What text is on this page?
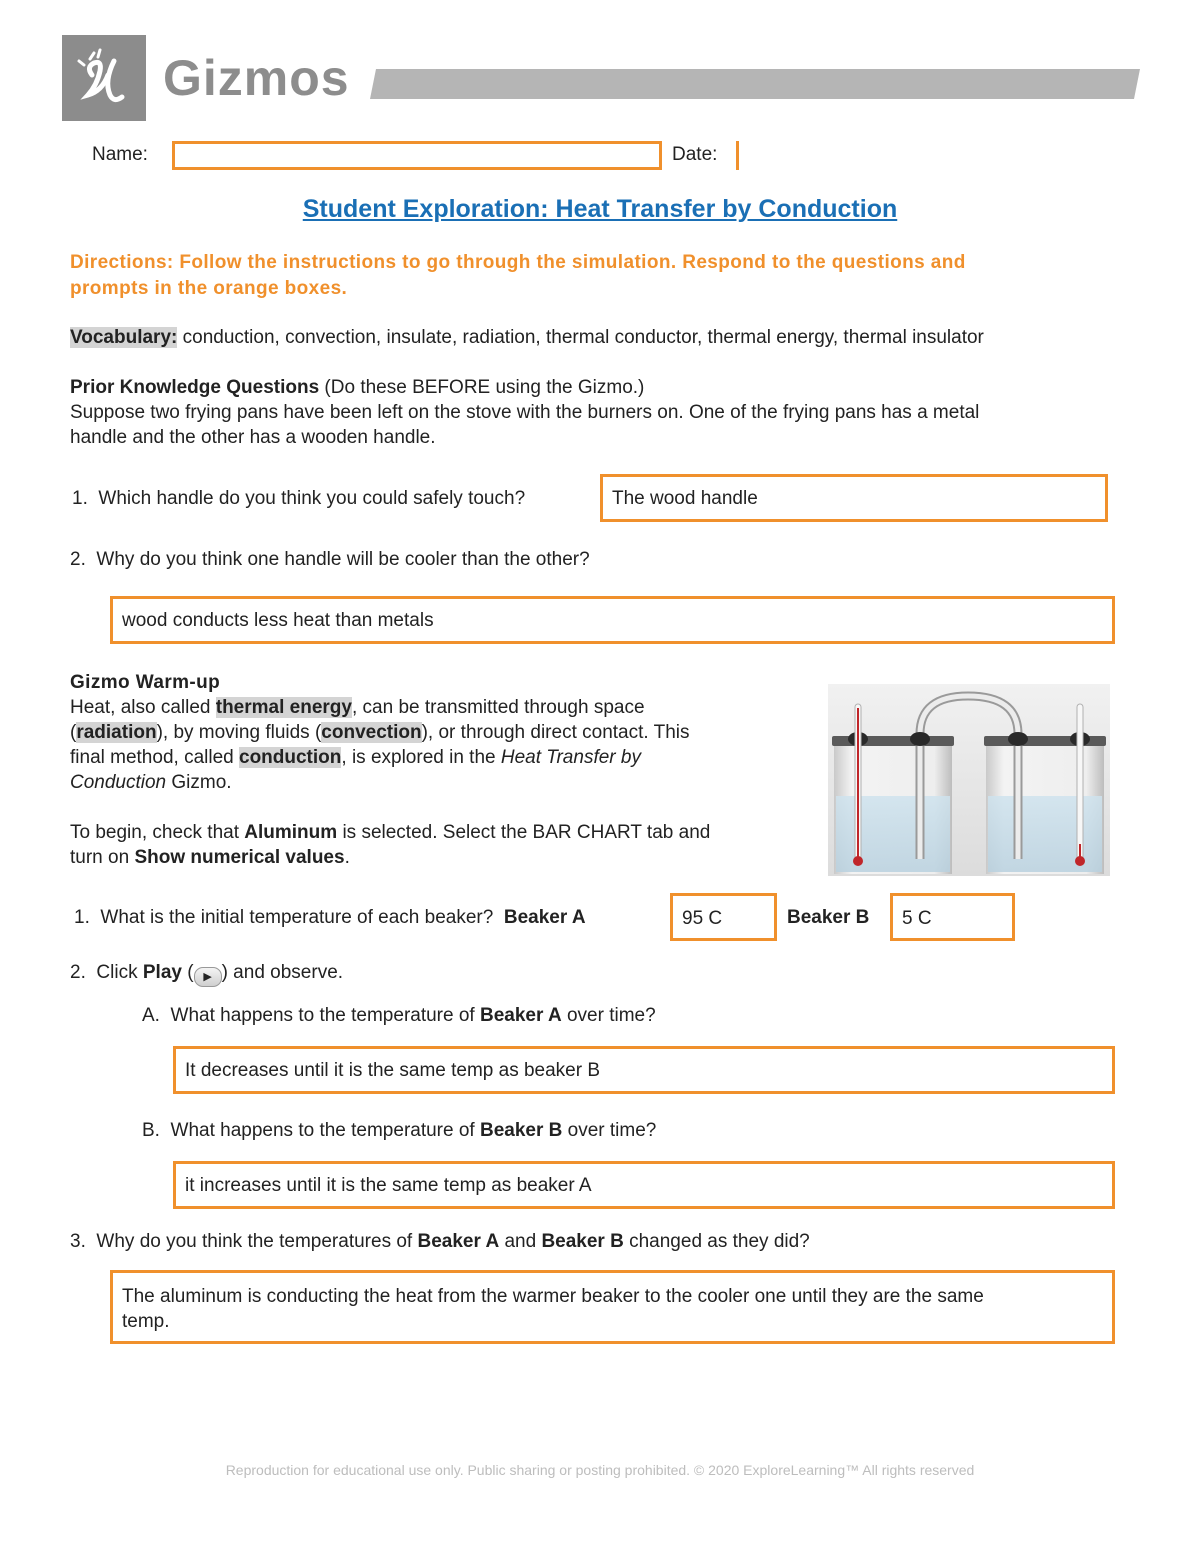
Gizmos
Name:	Date:
Student Exploration: Heat Transfer by Conduction
Directions: Follow the instructions to go through the simulation. Respond to the questions and
prompts in the orange boxes.
Vocabulary: conduction, convection, insulate, radiation, thermal conductor, thermal energy, thermal insulator
Prior Knowledge Questions (Do these BEFORE using the Gizmo.)
Suppose two frying pans have been left on the stove with the burners on. One of the frying pans has a metal
handle and the other has a wooden handle.
1. Which handle do you think you could safely touch?	The wood handle
2. Why do you think one handle will be cooler than the other?
wood conducts less heat than metals
Gizmo Warm-up
Heat, also called thermal energy, can be transmitted through space
(radiation), by moving fluids (convection), or through direct contact. This
final method, called conduction, is explored in the Heat Transfer by
Conduction Gizmo.
To begin, check that Aluminum is selected. Select the BAR CHART tab and
turn on Show numerical values.
1. What is the initial temperature of each beaker? Beaker A	95 C	Beaker B	5 C
2. Click Play ( ▶ ) and observe.
A. What happens to the temperature of Beaker A over time?
It decreases until it is the same temp as beaker B
B. What happens to the temperature of Beaker B over time?
it increases until it is the same temp as beaker A
3. Why do you think the temperatures of Beaker A and Beaker B changed as they did?
The aluminum is conducting the heat from the warmer beaker to the cooler one until they are the same
temp.
Reproduction for educational use only. Public sharing or posting prohibited. © 2020 ExploreLearning™ All rights reserved
